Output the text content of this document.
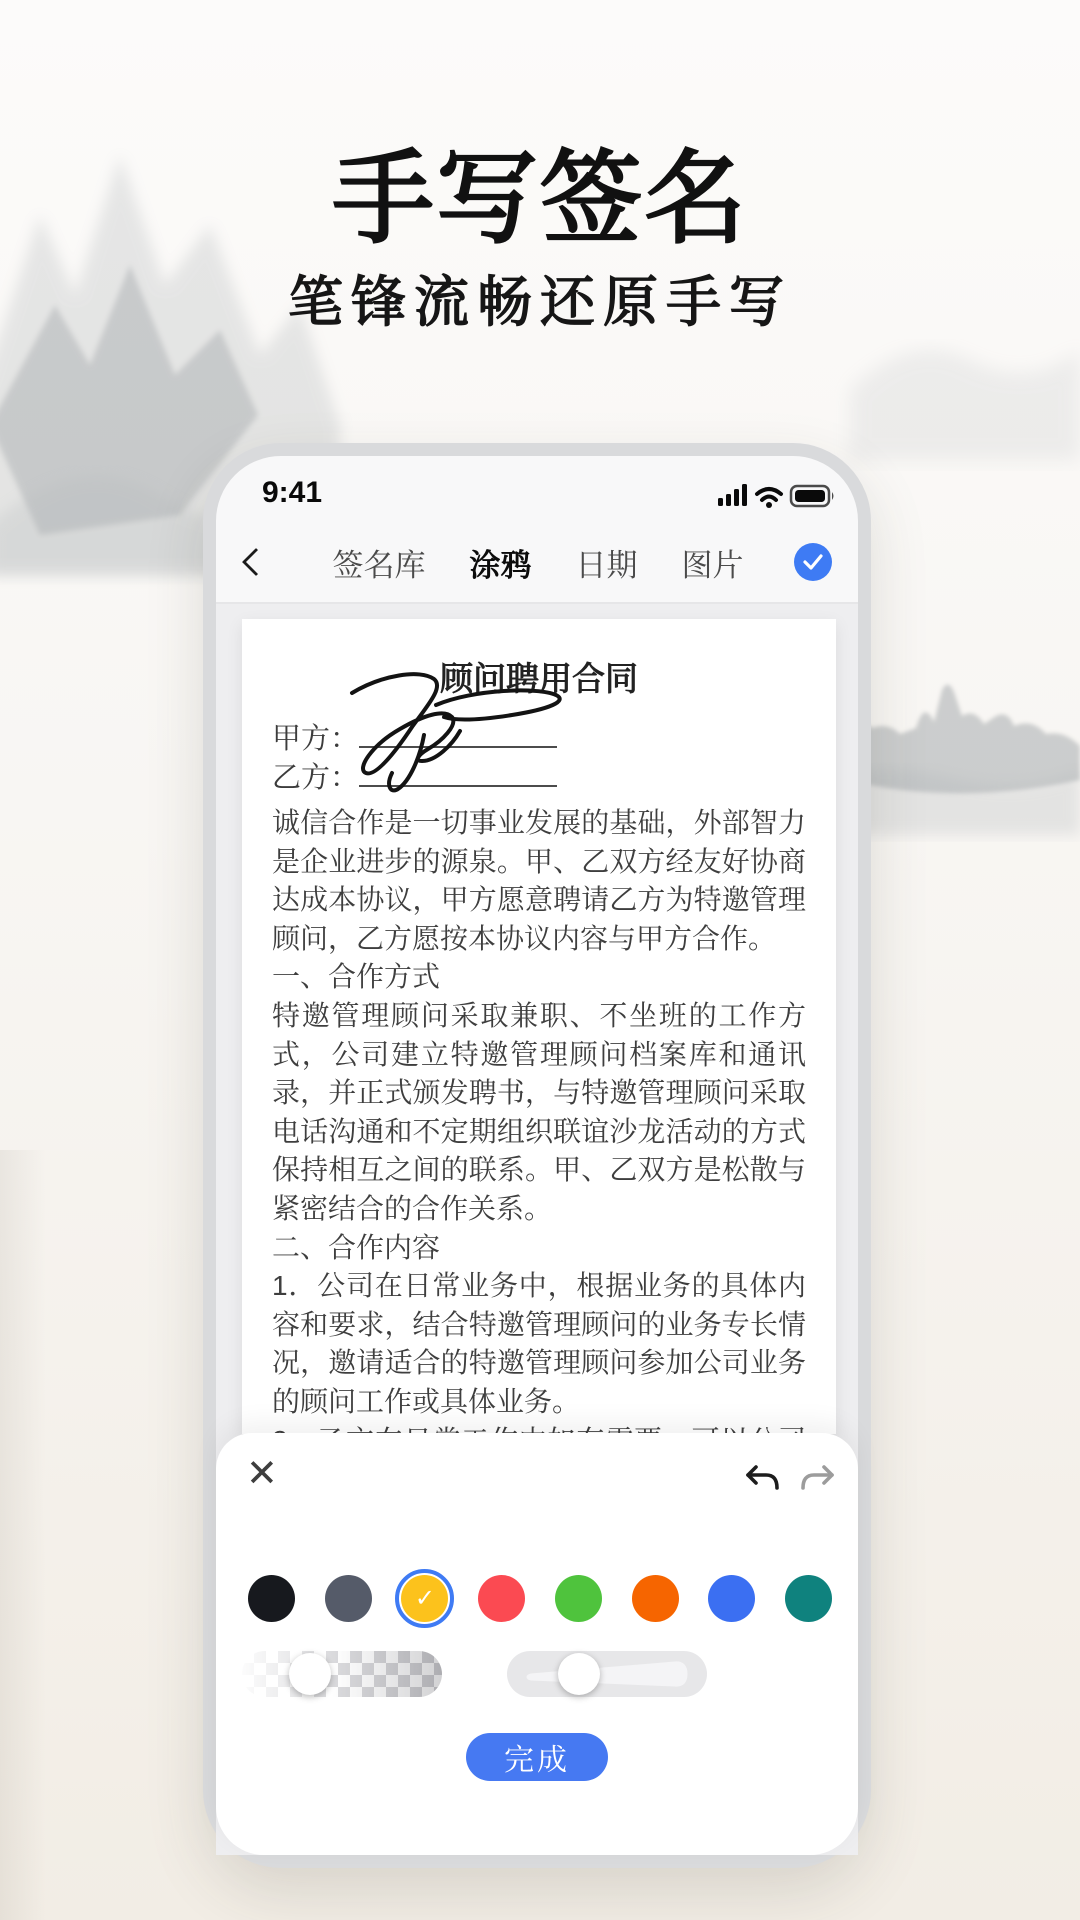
手写签名
笔锋流畅还原手写
9:41
签名库 涂鸦 日期 图片
顾问聘用合同
甲方：
乙方：

诚信合作是一切事业发展的基础，外部智力是企业进步的源泉。甲、乙双方经友好协商达成本协议，甲方愿意聘请乙方为特邀管理顾问，乙方愿按本协议内容与甲方合作。

一、合作方式

特邀管理顾问采取兼职、不坐班的工作方式，公司建立特邀管理顾问档案库和通讯录，并正式颁发聘书，与特邀管理顾问采取电话沟通和不定期组织联谊沙龙活动的方式保持相互之间的联系。甲、乙双方是松散与紧密结合的合作关系。

二、合作内容

1．公司在日常业务中，根据业务的具体内容和要求，结合特邀管理顾问的业务专长情况，邀请适合的特邀管理顾问参加公司业务的顾问工作或具体业务。

✕
✓
完成
